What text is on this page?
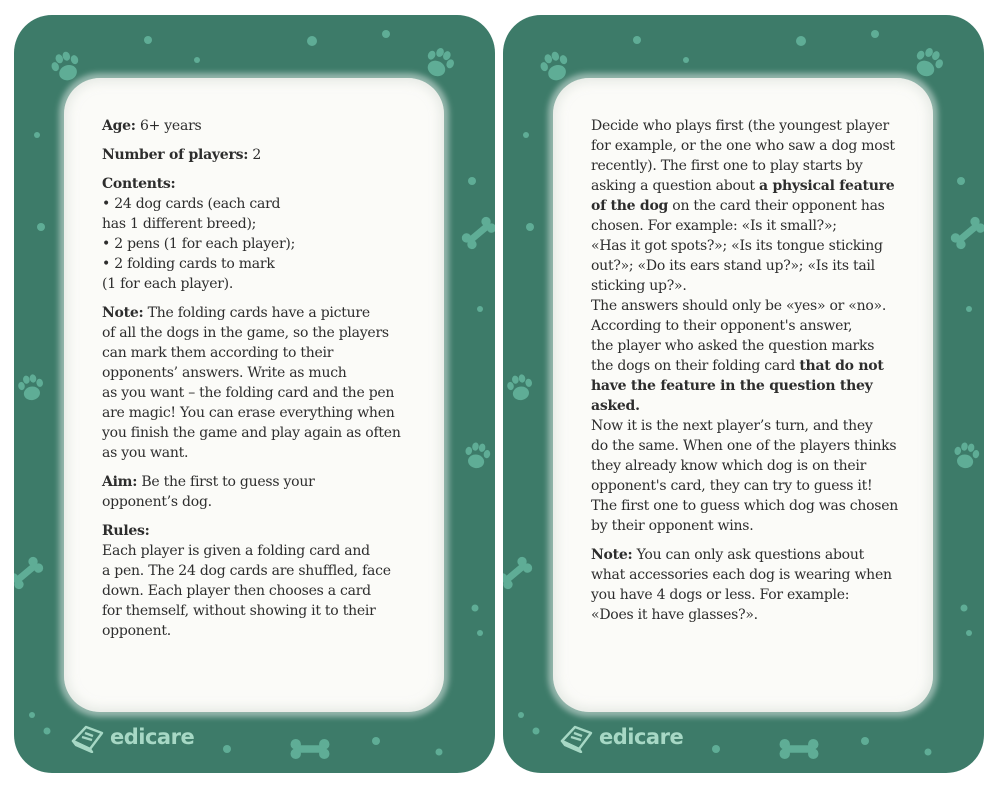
Age: 6+ years

Number of players: 2

Contents:
• 24 dog cards (each card
has 1 different breed);
• 2 pens (1 for each player);
• 2 folding cards to mark
(1 for each player).

Note: The folding cards have a picture
of all the dogs in the game, so the players
can mark them according to their
opponents’ answers. Write as much
as you want – the folding card and the pen
are magic! You can erase everything when
you finish the game and play again as often
as you want.

Aim: Be the first to guess your
opponent’s dog.

Rules:
Each player is given a folding card and
a pen. The 24 dog cards are shuffled, face
down. Each player then chooses a card
for themself, without showing it to their
opponent.

edicare

Decide who plays first (the youngest player
for example, or the one who saw a dog most
recently). The first one to play starts by
asking a question about a physical feature
of the dog on the card their opponent has
chosen. For example: «Is it small?»;
«Has it got spots?»; «Is its tongue sticking
out?»; «Do its ears stand up?»; «Is its tail
sticking up?».
The answers should only be «yes» or «no».
According to their opponent's answer,
the player who asked the question marks
the dogs on their folding card that do not
have the feature in the question they asked.
Now it is the next player’s turn, and they
do the same. When one of the players thinks
they already know which dog is on their
opponent's card, they can try to guess it!
The first one to guess which dog was chosen
by their opponent wins.

Note: You can only ask questions about
what accessories each dog is wearing when
you have 4 dogs or less. For example:
«Does it have glasses?».

edicare
